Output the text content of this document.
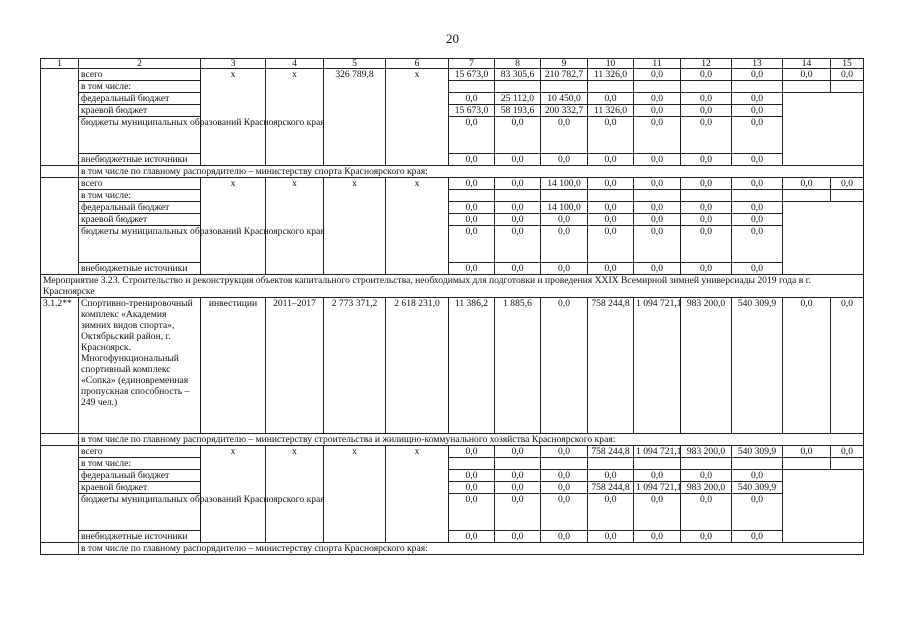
20
1	2	3	4	5	6	7	8	9	10	11	12	13	14	15
	всего	х	х	326 789,8	х	15 673,0	83 305,6	210 782,7	11 326,0	0,0	0,0	0,0	0,0	0,0
	в том числе:													
	федеральный бюджет					0,0	25 112,0	10 450,0	0,0	0,0	0,0	0,0		
	краевой бюджет					15 673,0	58 193,6	200 332,7	11 326,0	0,0	0,0	0,0		
	бюджеты муниципальных образований Красноярского края					0,0	0,0	0,0	0,0	0,0	0,0	0,0		
	внебюджетные источники					0,0	0,0	0,0	0,0	0,0	0,0	0,0		
	в том числе по главному распорядителю – министерству спорта Красноярского края:													
	всего	х	х	х	х	0,0	0,0	14 100,0	0,0	0,0	0,0	0,0	0,0	0,0
	в том числе:													
	федеральный бюджет					0,0	0,0	14 100,0	0,0	0,0	0,0	0,0		
	краевой бюджет					0,0	0,0	0,0	0,0	0,0	0,0	0,0		
	бюджеты муниципальных образований Красноярского края					0,0	0,0	0,0	0,0	0,0	0,0	0,0		
	внебюджетные источники					0,0	0,0	0,0	0,0	0,0	0,0	0,0		
Мероприятие 3.23. Строительство и реконструкция объектов капитального строительства, необходимых для подготовки и проведения XXIX Всемирной зимней универсиады 2019 года в г. Красноярске														
3.1.2**	Спортивно-тренировочный комплекс «Академия зимних видов спорта», Октябрьский район, г. Красноярск. Многофункциональный спортивный комплекс «Сопка» (единовременная пропускная способность – 249 чел.)	инвестиции	2011–2017	2 773 371,2	2 618 231,0	11 386,2	1 885,6	0,0	758 244,8	1 094 721,1	983 200,0	540 309,9	0,0	0,0
	в том числе по главному распорядителю – министерству строительства и жилищно-коммунального хозяйства Красноярского края:													
	всего	х	х	х	х	0,0	0,0	0,0	758 244,8	1 094 721,1	983 200,0	540 309,9	0,0	0,0
	в том числе:													
	федеральный бюджет					0,0	0,0	0,0	0,0	0,0	0,0	0,0		
	краевой бюджет					0,0	0,0	0,0	758 244,8	1 094 721,1	983 200,0	540 309,9		
	бюджеты муниципальных образований Красноярского края					0,0	0,0	0,0	0,0	0,0	0,0	0,0		
	внебюджетные источники					0,0	0,0	0,0	0,0	0,0	0,0	0,0		
	в том числе по главному распорядителю – министерству спорта Красноярского края:													
